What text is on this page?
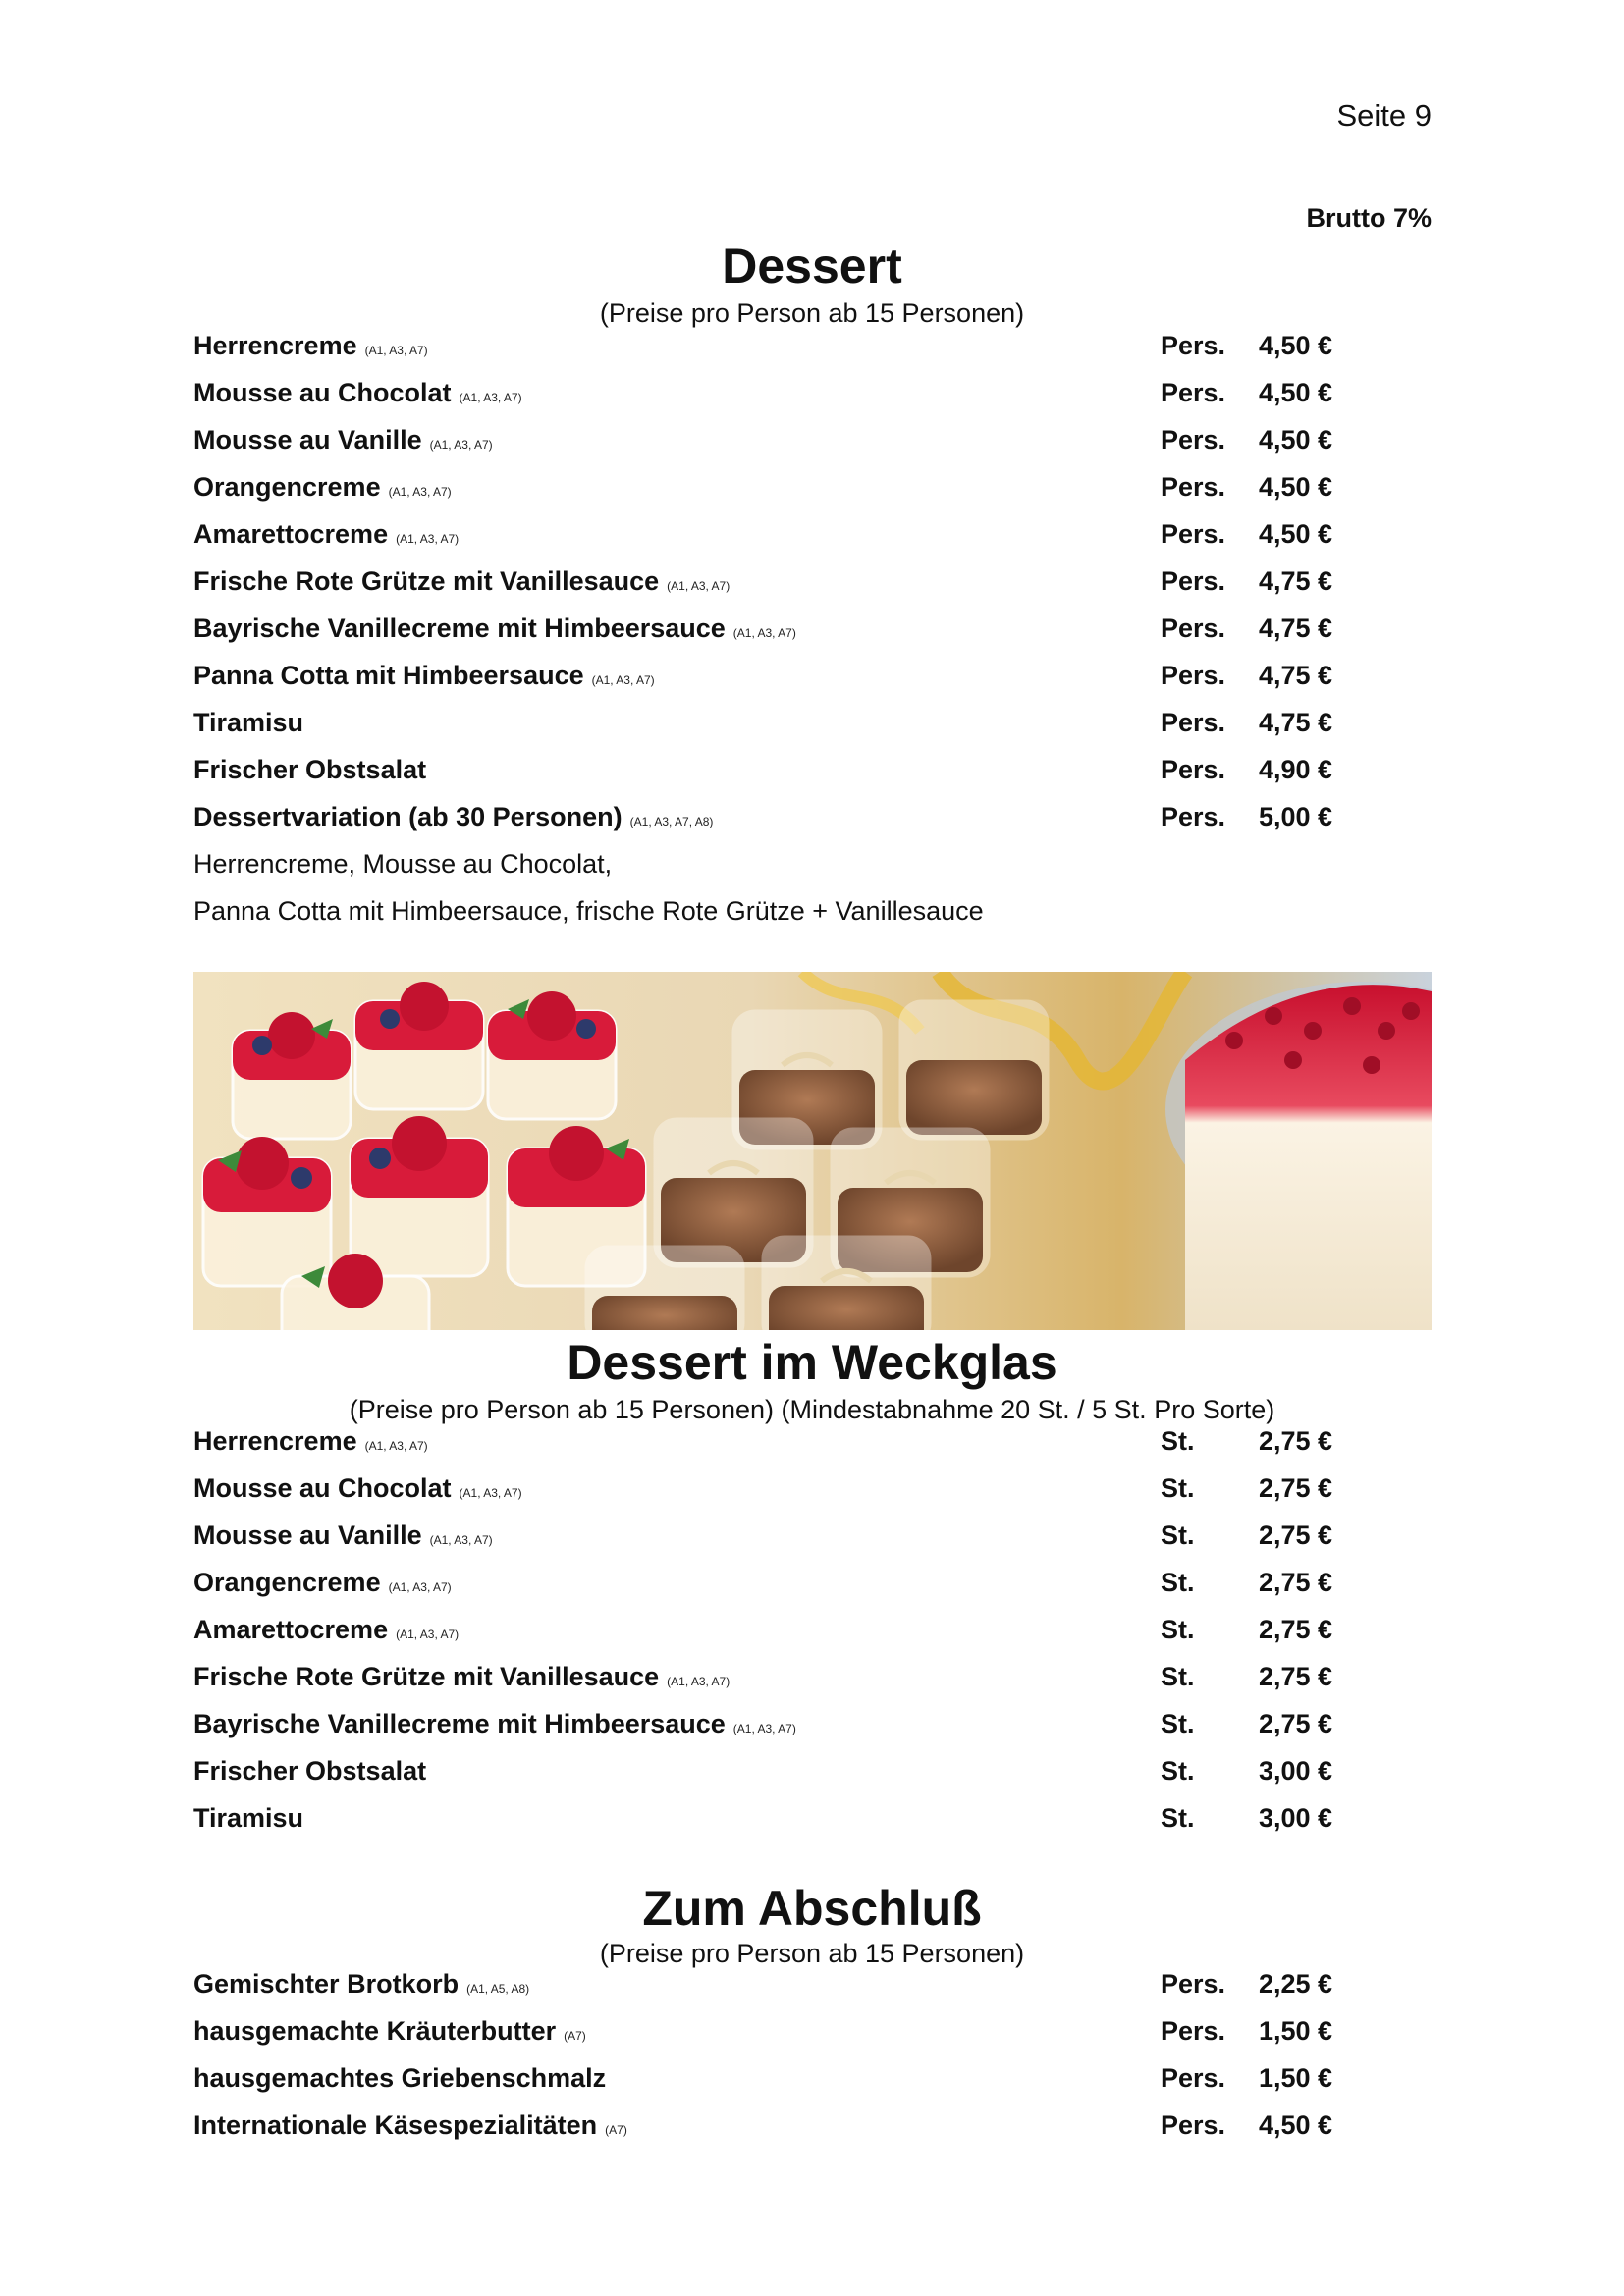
Seite 9
Brutto 7%
Dessert
(Preise pro Person ab 15 Personen)
Herrencreme (A1, A3, A7)	Pers. 4,50 €
Mousse au Chocolat (A1, A3, A7)	Pers. 4,50 €
Mousse au Vanille (A1, A3, A7)	Pers. 4,50 €
Orangencreme (A1, A3, A7)	Pers. 4,50 €
Amarettocreme (A1, A3, A7)	Pers. 4,50 €
Frische Rote Grütze mit Vanillesauce (A1, A3, A7)	Pers. 4,75 €
Bayrische Vanillecreme mit Himbeersauce (A1, A3, A7)	Pers. 4,75 €
Panna Cotta mit Himbeersauce (A1, A3, A7)	Pers. 4,75 €
Tiramisu	Pers. 4,75 €
Frischer Obstsalat	Pers. 4,90 €
Dessertvariation (ab 30 Personen) (A1, A3, A7, A8)	Pers. 5,00 €
Herrencreme, Mousse au Chocolat,
Panna Cotta mit Himbeersauce, frische Rote Grütze + Vanillesauce
Dessert im Weckglas
(Preise pro Person ab 15 Personen) (Mindestabnahme 20 St. / 5 St. Pro Sorte)
Herrencreme (A1, A3, A7)	St. 2,75 €
Mousse au Chocolat (A1, A3, A7)	St. 2,75 €
Mousse au Vanille (A1, A3, A7)	St. 2,75 €
Orangencreme (A1, A3, A7)	St. 2,75 €
Amarettocreme (A1, A3, A7)	St. 2,75 €
Frische Rote Grütze mit Vanillesauce (A1, A3, A7)	St. 2,75 €
Bayrische Vanillecreme mit Himbeersauce (A1, A3, A7)	St. 2,75 €
Frischer Obstsalat	St. 3,00 €
Tiramisu	St. 3,00 €
Zum Abschluß
(Preise pro Person ab 15 Personen)
Gemischter Brotkorb (A1, A5, A8)	Pers. 2,25 €
hausgemachte Kräuterbutter (A7)	Pers. 1,50 €
hausgemachtes Griebenschmalz	Pers. 1,50 €
Internationale Käsespezialitäten (A7)	Pers. 4,50 €
